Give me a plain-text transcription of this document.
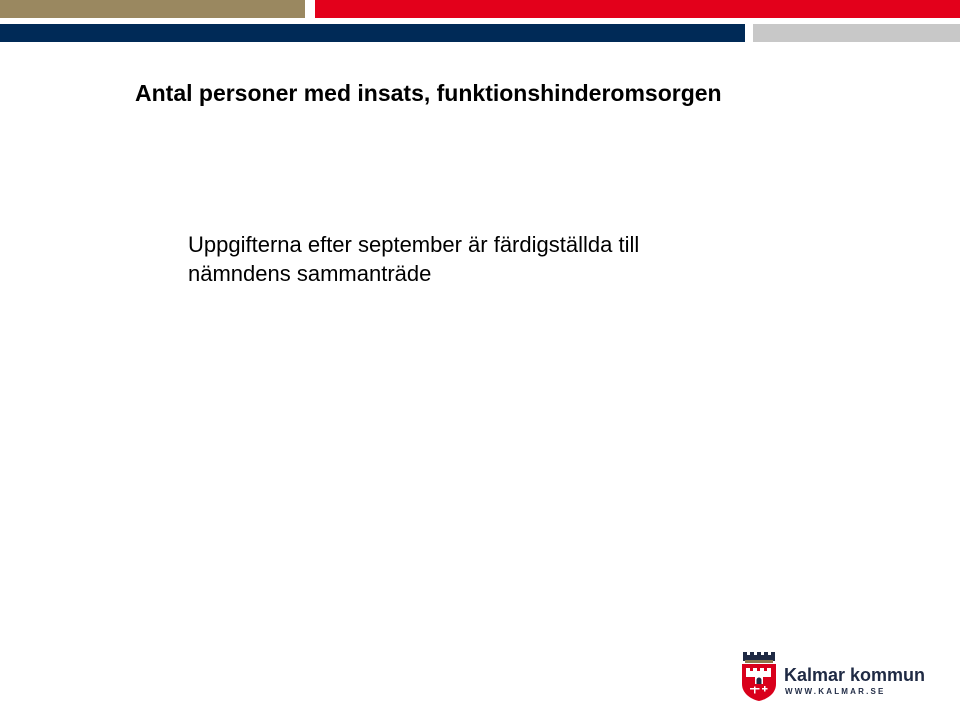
Antal personer med insats, funktionshinderomsorgen

Uppgifterna efter september är färdigställda till nämndens sammanträde

Kalmar kommun
WWW.KALMAR.SE
